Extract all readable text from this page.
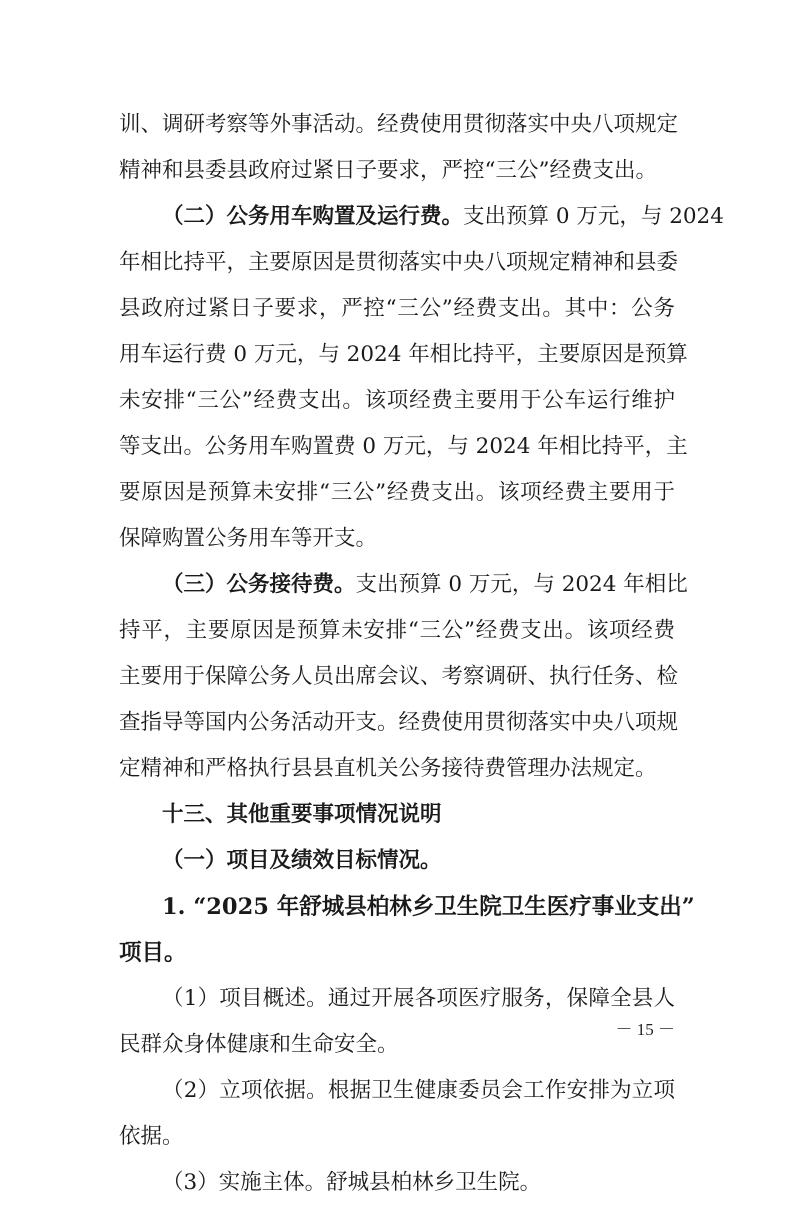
训、调研考察等外事活动。经费使用贯彻落实中央八项规定
精神和县委县政府过紧日子要求，严控“三公”经费支出。
（二）公务用车购置及运行费。支出预算 0 万元，与 2024
年相比持平，主要原因是贯彻落实中央八项规定精神和县委
县政府过紧日子要求，严控“三公”经费支出。其中：公务
用车运行费 0 万元，与 2024 年相比持平，主要原因是预算
未安排“三公”经费支出。该项经费主要用于公车运行维护
等支出。公务用车购置费 0 万元，与 2024 年相比持平，主
要原因是预算未安排“三公”经费支出。该项经费主要用于
保障购置公务用车等开支。
（三）公务接待费。支出预算 0 万元，与 2024 年相比
持平，主要原因是预算未安排“三公”经费支出。该项经费
主要用于保障公务人员出席会议、考察调研、执行任务、检
查指导等国内公务活动开支。经费使用贯彻落实中央八项规
定精神和严格执行县县直机关公务接待费管理办法规定。
十三、其他重要事项情况说明
（一）项目及绩效目标情况。
1. “2025 年舒城县柏林乡卫生院卫生医疗事业支出”
项目。
（1）项目概述。通过开展各项医疗服务，保障全县人
民群众身体健康和生命安全。
（2）立项依据。根据卫生健康委员会工作安排为立项
依据。
（3）实施主体。舒城县柏林乡卫生院。
－ 15 －
